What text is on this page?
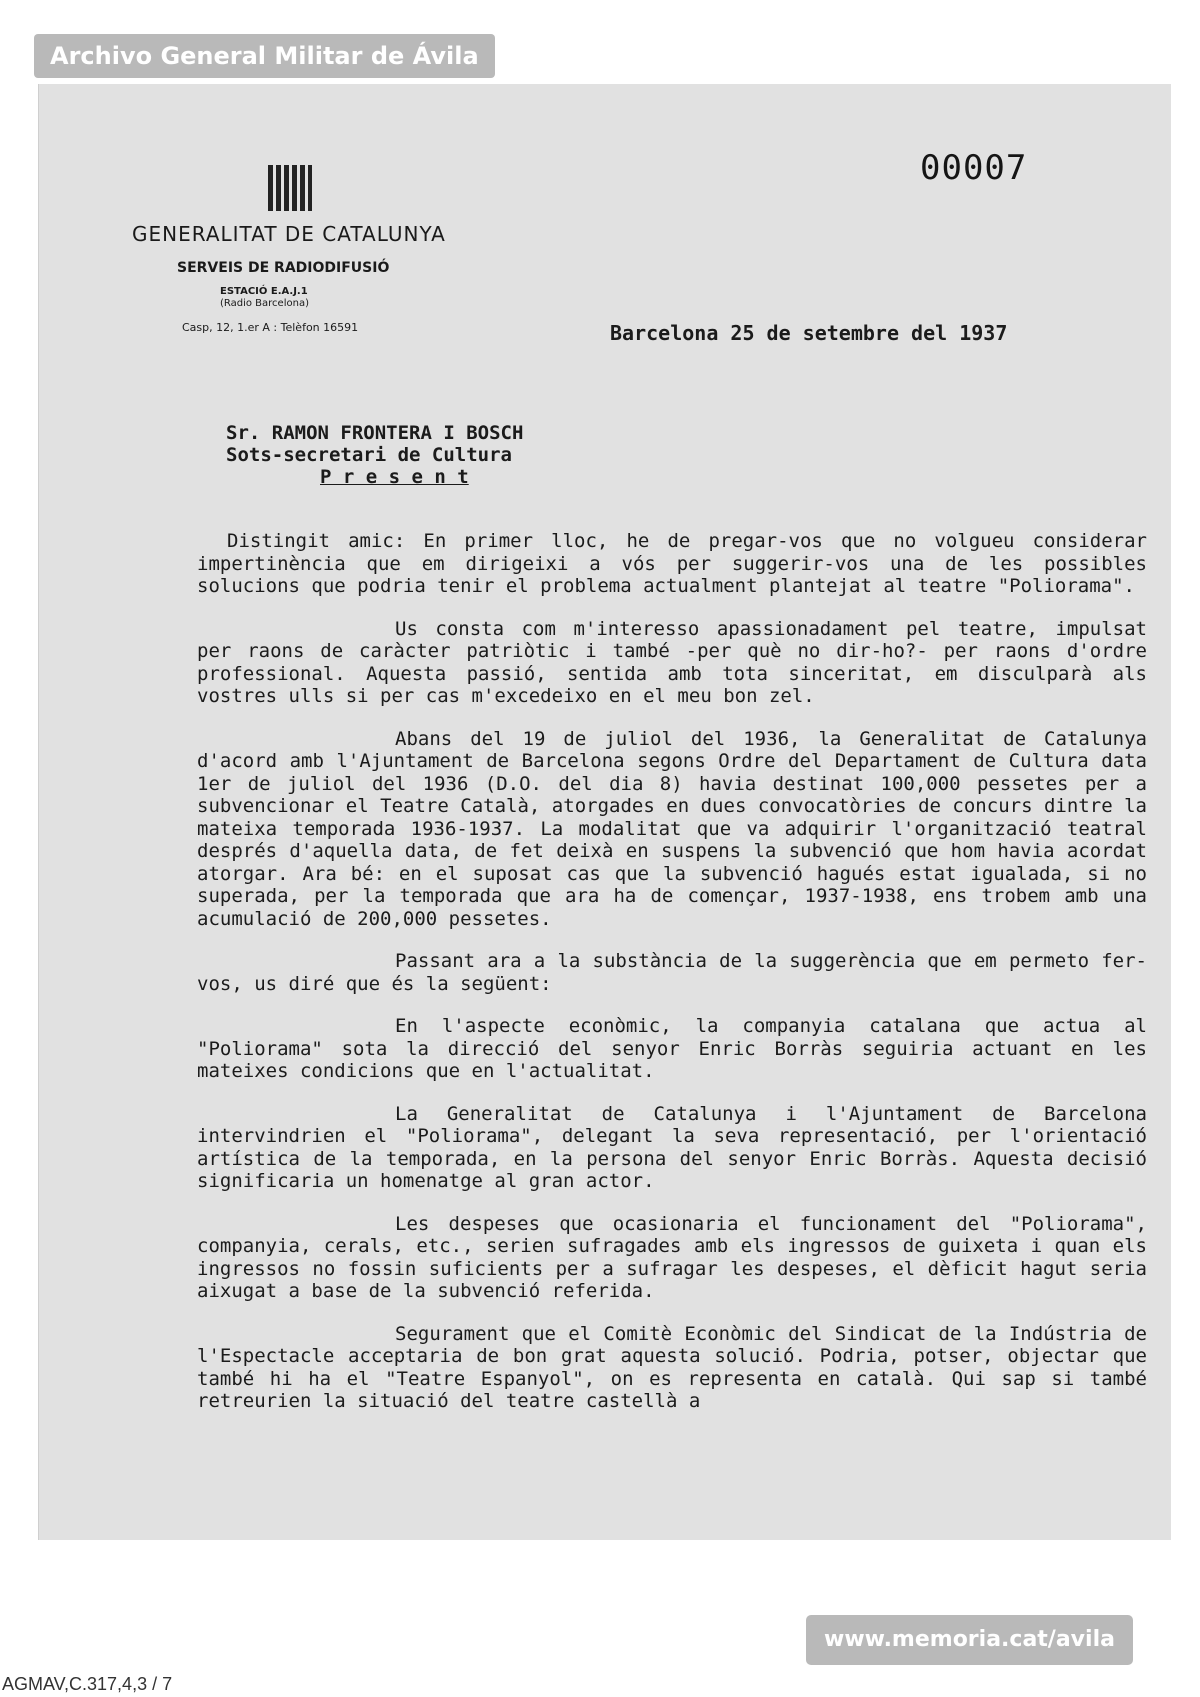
Archivo General Militar de Ávila
00007
GENERALITAT DE CATALUNYA
SERVEIS DE RADIODIFUSIÓ
ESTACIÓ E.A.J.1
(Radio Barcelona)
Casp, 12, 1.er A : Telèfon 16591	Barcelona 25 de setembre del 1937
Sr. RAMON FRONTERA I BOSCH
Sots-secretari de Cultura
P r e s e n t

Distingit amic: En primer lloc, he de pregar-vos que no volgueu considerar impertinència que em dirigeixi a vós per suggerir-vos una de les possibles solucions que podria tenir el problema actualment plantejat al teatre "Poliorama".

Us consta com m'interesso apassionadament pel teatre, impulsat per raons de caràcter patriòtic i també -per què no dir-ho?- per raons d'ordre professional. Aquesta passió, sentida amb tota sinceritat, em disculparà als vostres ulls si per cas m'excedeixo en el meu bon zel.

Abans del 19 de juliol del 1936, la Generalitat de Catalunya d'acord amb l'Ajuntament de Barcelona segons Ordre del Departament de Cultura data 1er de juliol del 1936 (D.O. del dia 8) havia destinat 100,000 pessetes per a subvencionar el Teatre Català, atorgades en dues convocatòries de concurs dintre la mateixa temporada 1936-1937. La modalitat que va adquirir l'organització teatral després d'aquella data, de fet deixà en suspens la subvenció que hom havia acordat atorgar. Ara bé: en el suposat cas que la subvenció hagués estat igualada, si no superada, per la temporada que ara ha de començar, 1937-1938, ens trobem amb una acumulació de 200,000 pessetes.

Passant ara a la substància de la suggerència que em permeto fer-vos, us diré que és la següent:

En l'aspecte econòmic, la companyia catalana que actua al "Poliorama" sota la direcció del senyor Enric Borràs seguiria actuant en les mateixes condicions que en l'actualitat.

La Generalitat de Catalunya i l'Ajuntament de Barcelona intervindrien el "Poliorama", delegant la seva representació, per l'orientació artística de la temporada, en la persona del senyor Enric Borràs. Aquesta decisió significaria un homenatge al gran actor.

Les despeses que ocasionaria el funcionament del "Poliorama", companyia, cerals, etc., serien sufragades amb els ingressos de guixeta i quan els ingressos no fossin suficients per a sufragar les despeses, el dèficit hagut seria aixugat a base de la subvenció referida.

Segurament que el Comitè Econòmic del Sindicat de la Indústria de l'Espectacle acceptaria de bon grat aquesta solució. Podria, potser, objectar que també hi ha el "Teatre Espanyol", on es representa en català. Qui sap si també retreurien la situació del teatre castellà a

www.memoria.cat/avila
AGMAV,C.317,4,3 / 7
